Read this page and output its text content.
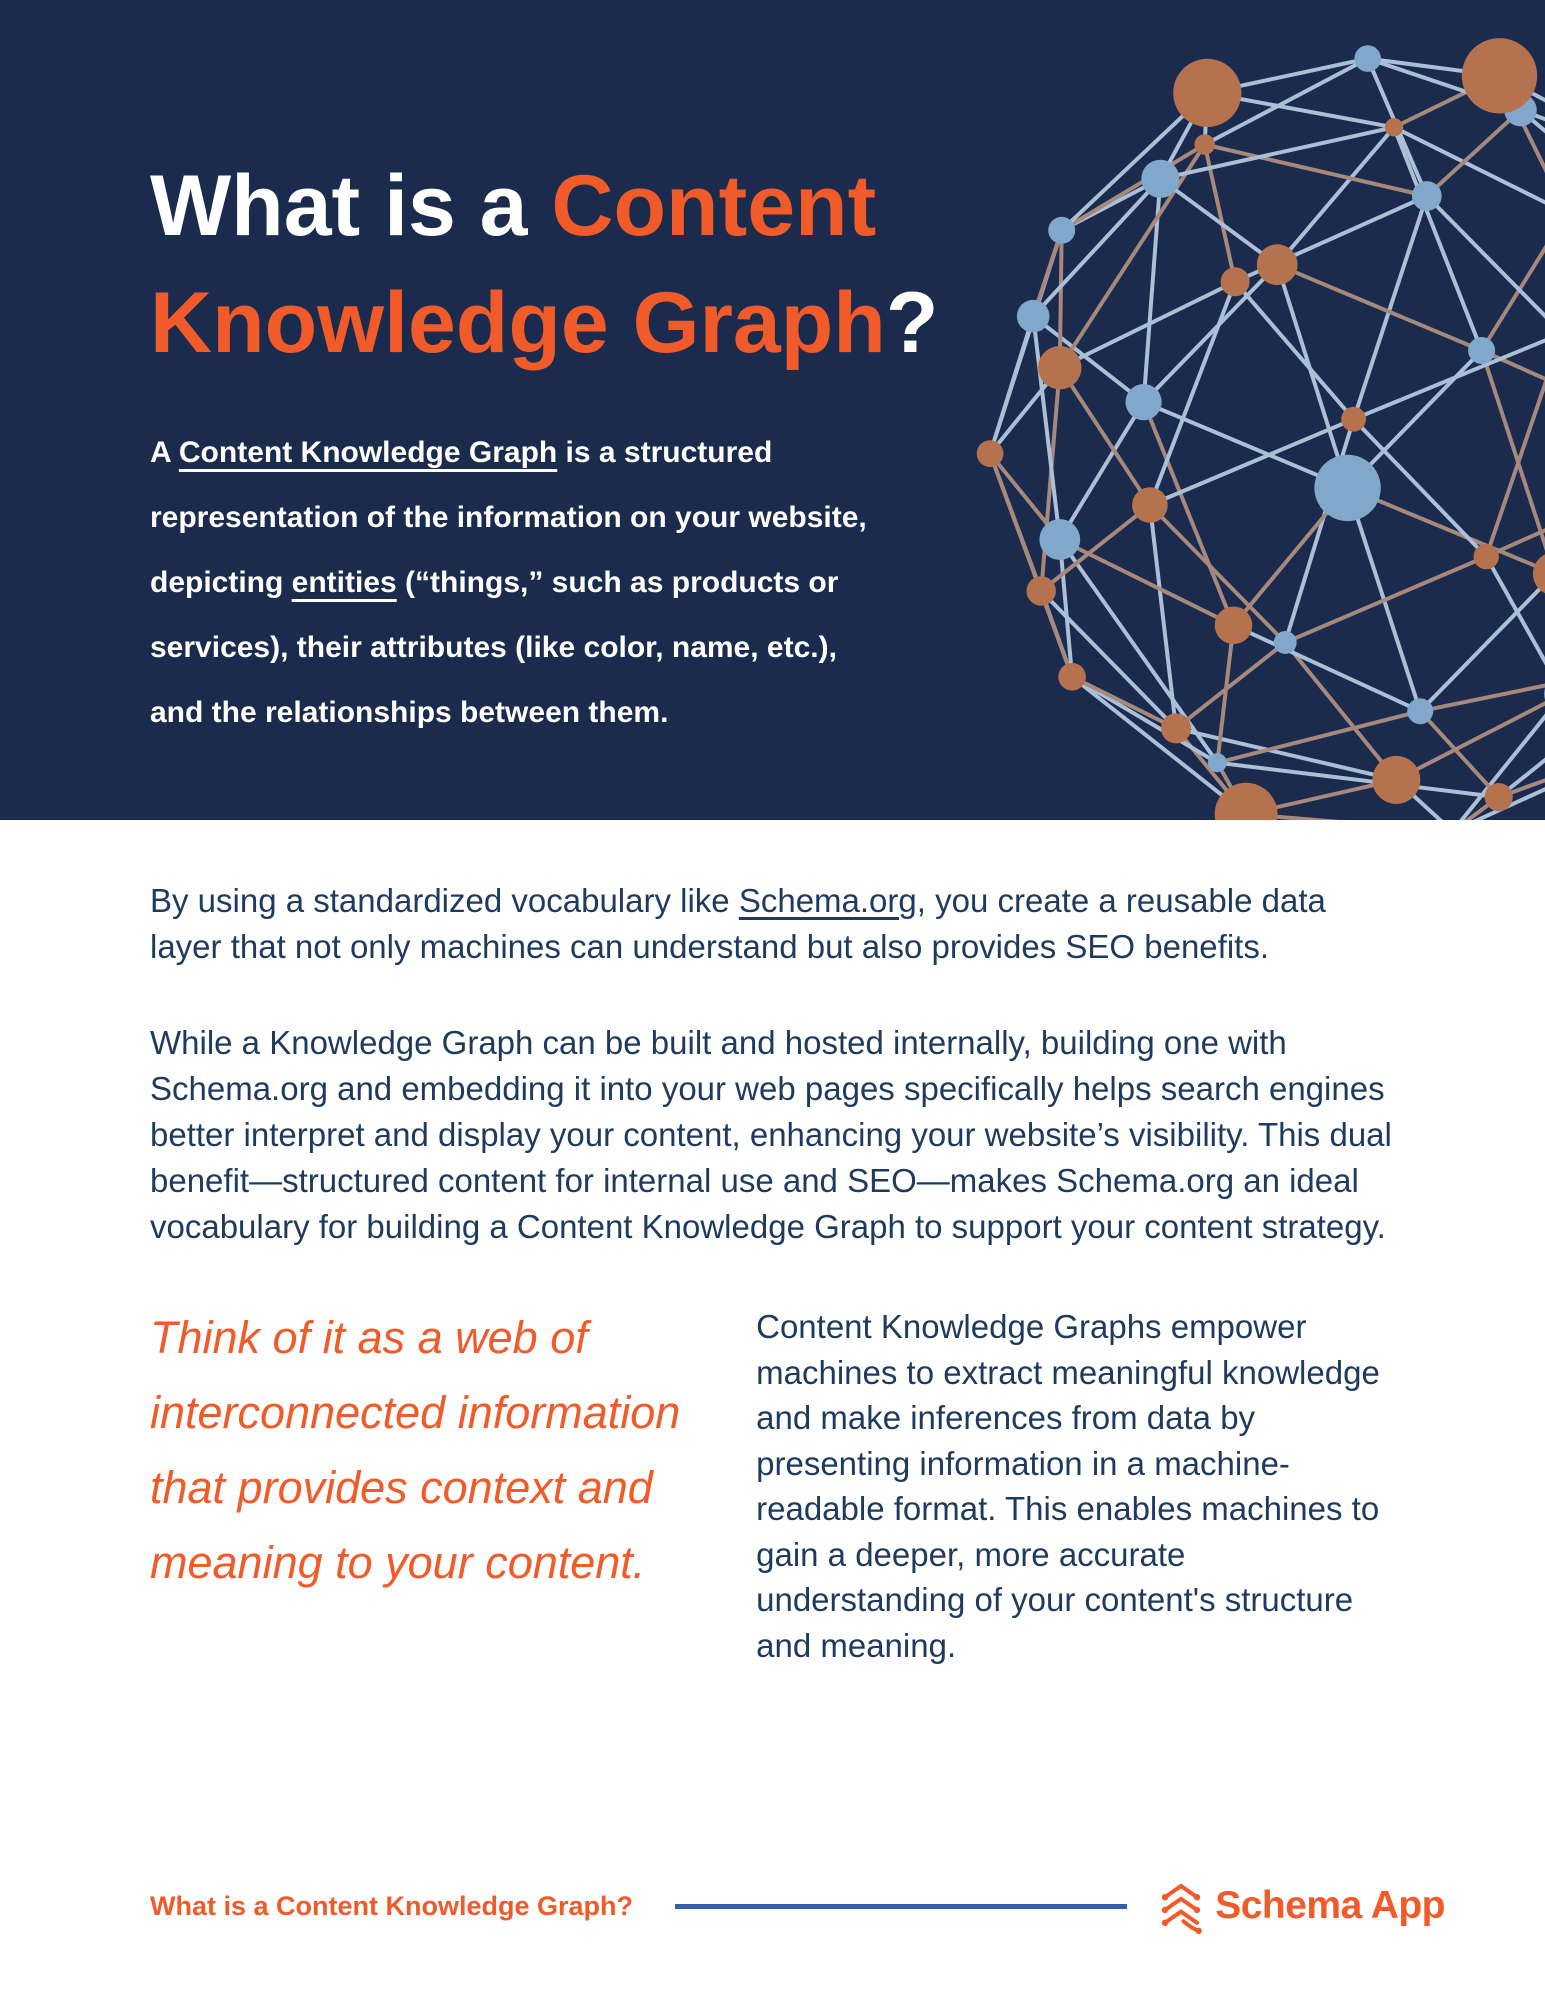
What is a Content
Knowledge Graph?
A Content Knowledge Graph is a structured
representation of the information on your website,
depicting entities (“things,” such as products or
services), their attributes (like color, name, etc.),
and the relationships between them.

By using a standardized vocabulary like Schema.org, you create a reusable data
layer that not only machines can understand but also provides SEO benefits.

While a Knowledge Graph can be built and hosted internally, building one with Schema.org and embedding it into your web pages specifically helps search engines better interpret and display your content, enhancing your website’s visibility. This dual benefit—structured content for internal use and SEO—makes Schema.org an ideal vocabulary for building a Content Knowledge Graph to support your content strategy.

Think of it as a web of interconnected information that provides context and meaning to your content.

Content Knowledge Graphs empower machines to extract meaningful knowledge and make inferences from data by presenting information in a machine-readable format. This enables machines to gain a deeper, more accurate understanding of your content's structure and meaning.

What is a Content Knowledge Graph?	Schema App
